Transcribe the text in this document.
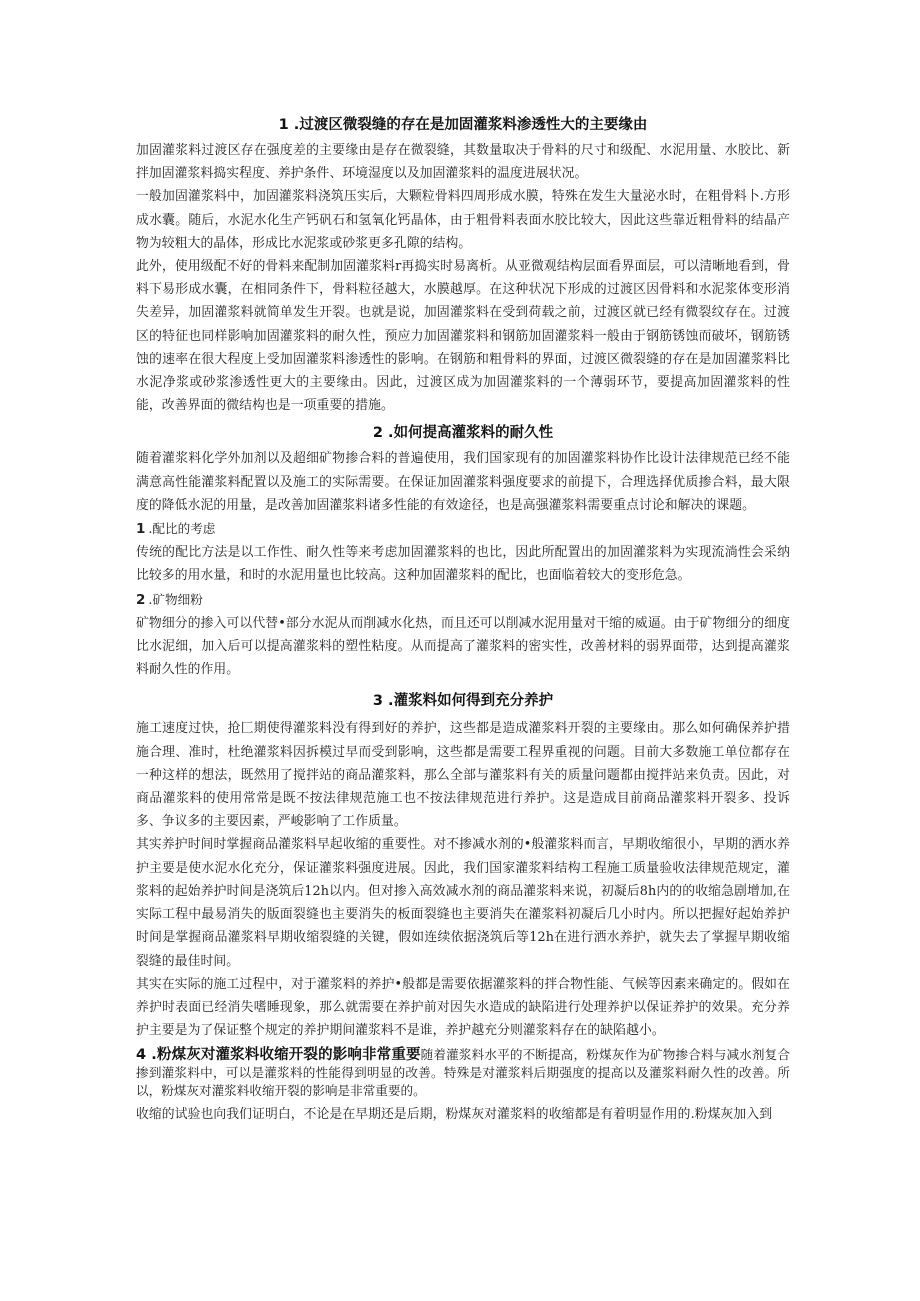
1 .过渡区微裂缝的存在是加固灌浆料渗透性大的主要缘由

加固灌浆料过渡区存在强度差的主要缘由是存在微裂缝，其数量取决于骨料的尺寸和级配、水泥用量、水胶比、新拌加固灌浆料捣实程度、养护条件、环境湿度以及加固灌浆料的温度进展状况。

一般加固灌浆料中，加固灌浆料浇筑压实后，大颗粒骨料四周形成水膜，特殊在发生大量泌水时，在粗骨料卜.方形成水囊。随后，水泥水化生产钙矾石和氢氧化钙晶体，由于粗骨料表面水胶比较大，因此这些靠近粗骨料的结晶产物为较粗大的晶体，形成比水泥浆或砂浆更多孔隙的结构。

此外，使用级配不好的骨料来配制加固灌浆料r再捣实时易离析。从亚微观结构层面看界面层，可以清晰地看到，骨料下易形成水囊，在相同条件下，骨料粒径越大，水膜越厚。在这种状况下形成的过渡区因骨料和水泥浆体变形消失差异，加固灌浆料就简单发生开裂。也就是说，加固灌浆料在受到荷载之前，过渡区就已经有微裂纹存在。过渡区的特征也同样影响加固灌浆料的耐久性，预应力加固灌浆料和钢筋加固灌浆料一般由于钢筋锈蚀而破坏，钢筋锈蚀的速率在很大程度上受加固灌浆料渗透性的影响。在钢筋和粗骨料的界面，过渡区微裂缝的存在是加固灌浆料比水泥净浆或砂浆渗透性更大的主要缘由。因此，过渡区成为加固灌浆料的一个薄弱环节，要提高加固灌浆料的性能，改善界面的微结构也是一项重要的措施。

2 .如何提高灌浆料的耐久性

随着灌浆料化学外加剂以及超细矿物掺合料的普遍使用，我们国家现有的加固灌浆料协作比设计法律规范已经不能满意高性能灌浆料配置以及施工的实际需要。在保证加固灌浆料强度要求的前提下，合理选择优质掺合料，最大限度的降低水泥的用量，是改善加固灌浆料诸多性能的有效途径，也是高强灌浆料需要重点讨论和解决的课题。

1 .配比的考虑

传统的配比方法是以工作性、耐久性等来考虑加固灌浆料的也比，因此所配置出的加固灌浆料为实现流淌性会采纳比较多的用水量，和时的水泥用量也比较高。这种加固灌浆料的配比，也面临着较大的变形危急。

2 .矿物细粉

矿物细分的掺入可以代替•部分水泥从而削减水化热，而且还可以削减水泥用量对干缩的威逼。由于矿物细分的细度比水泥细，加入后可以提高灌浆料的塑性粘度。从而提高了灌浆料的密实性，改善材料的弱界面带，达到提高灌浆料耐久性的作用。

3 .灌浆料如何得到充分养护

施工速度过快，抢匚期使得灌浆料没有得到好的养护，这些都是造成灌浆料开裂的主要缘由。那么如何确保养护措施合理、准时，杜绝灌浆料因拆模过早而受到影响，这些都是需要工程界重视的问题。目前大多数施工单位都存在一种这样的想法，既然用了搅拌站的商品灌浆料，那么全部与灌浆料有关的质量问题都由搅拌站来负责。因此，对商品灌浆料的使用常常是既不按法律规范施工也不按法律规范进行养护。这是造成目前商品灌浆料开裂多、投诉多、争议多的主要因素，严峻影响了工作质量。

其实养护时间时掌握商品灌浆料早起收缩的重要性。对不掺减水剂的•般灌浆料而言，早期收缩很小，早期的洒水养护主要是使水泥水化充分，保证灌浆料强度进展。因此，我们国家灌浆料结构工程施工质量验收法律规范规定，灌浆料的起始养护时间是浇筑后12h以内。但对掺入高效减水剂的商品灌浆料来说，初凝后8h内的的收缩急剧增加,在实际工程中最易消失的版面裂缝也主要消失的板面裂缝也主要消失在灌浆料初凝后几小时内。所以把握好起始养护时间是掌握商品灌浆料早期收缩裂缝的关键，假如连续依据浇筑后等12h在进行洒水养护，就失去了掌握早期收缩裂缝的最佳时间。

其实在实际的施工过程中，对于灌浆料的养护•般都是需要依据灌浆料的拌合物性能、气候等因素来确定的。假如在养护时表面已经消失嗜睡现象，那么就需要在养护前对因失水造成的缺陷进行处理养护以保证养护的效果。充分养护主要是为了保证整个规定的养护期间灌浆料不是谁，养护越充分则灌浆料存在的缺陷越小。

4 .粉煤灰对灌浆料收缩开裂的影响非常重要随着灌浆料水平的不断提高，粉煤灰作为矿物掺合料与减水剂复合掺到灌浆料中，可以是灌浆料的性能得到明显的改善。特殊是对灌浆料后期强度的提高以及灌浆料耐久性的改善。所以，粉煤灰对灌浆料收缩开裂的影响是非常重要的。

收缩的试验也向我们证明白，不论是在早期还是后期，粉煤灰对灌浆料的收缩都是有着明显作用的.粉煤灰加入到
